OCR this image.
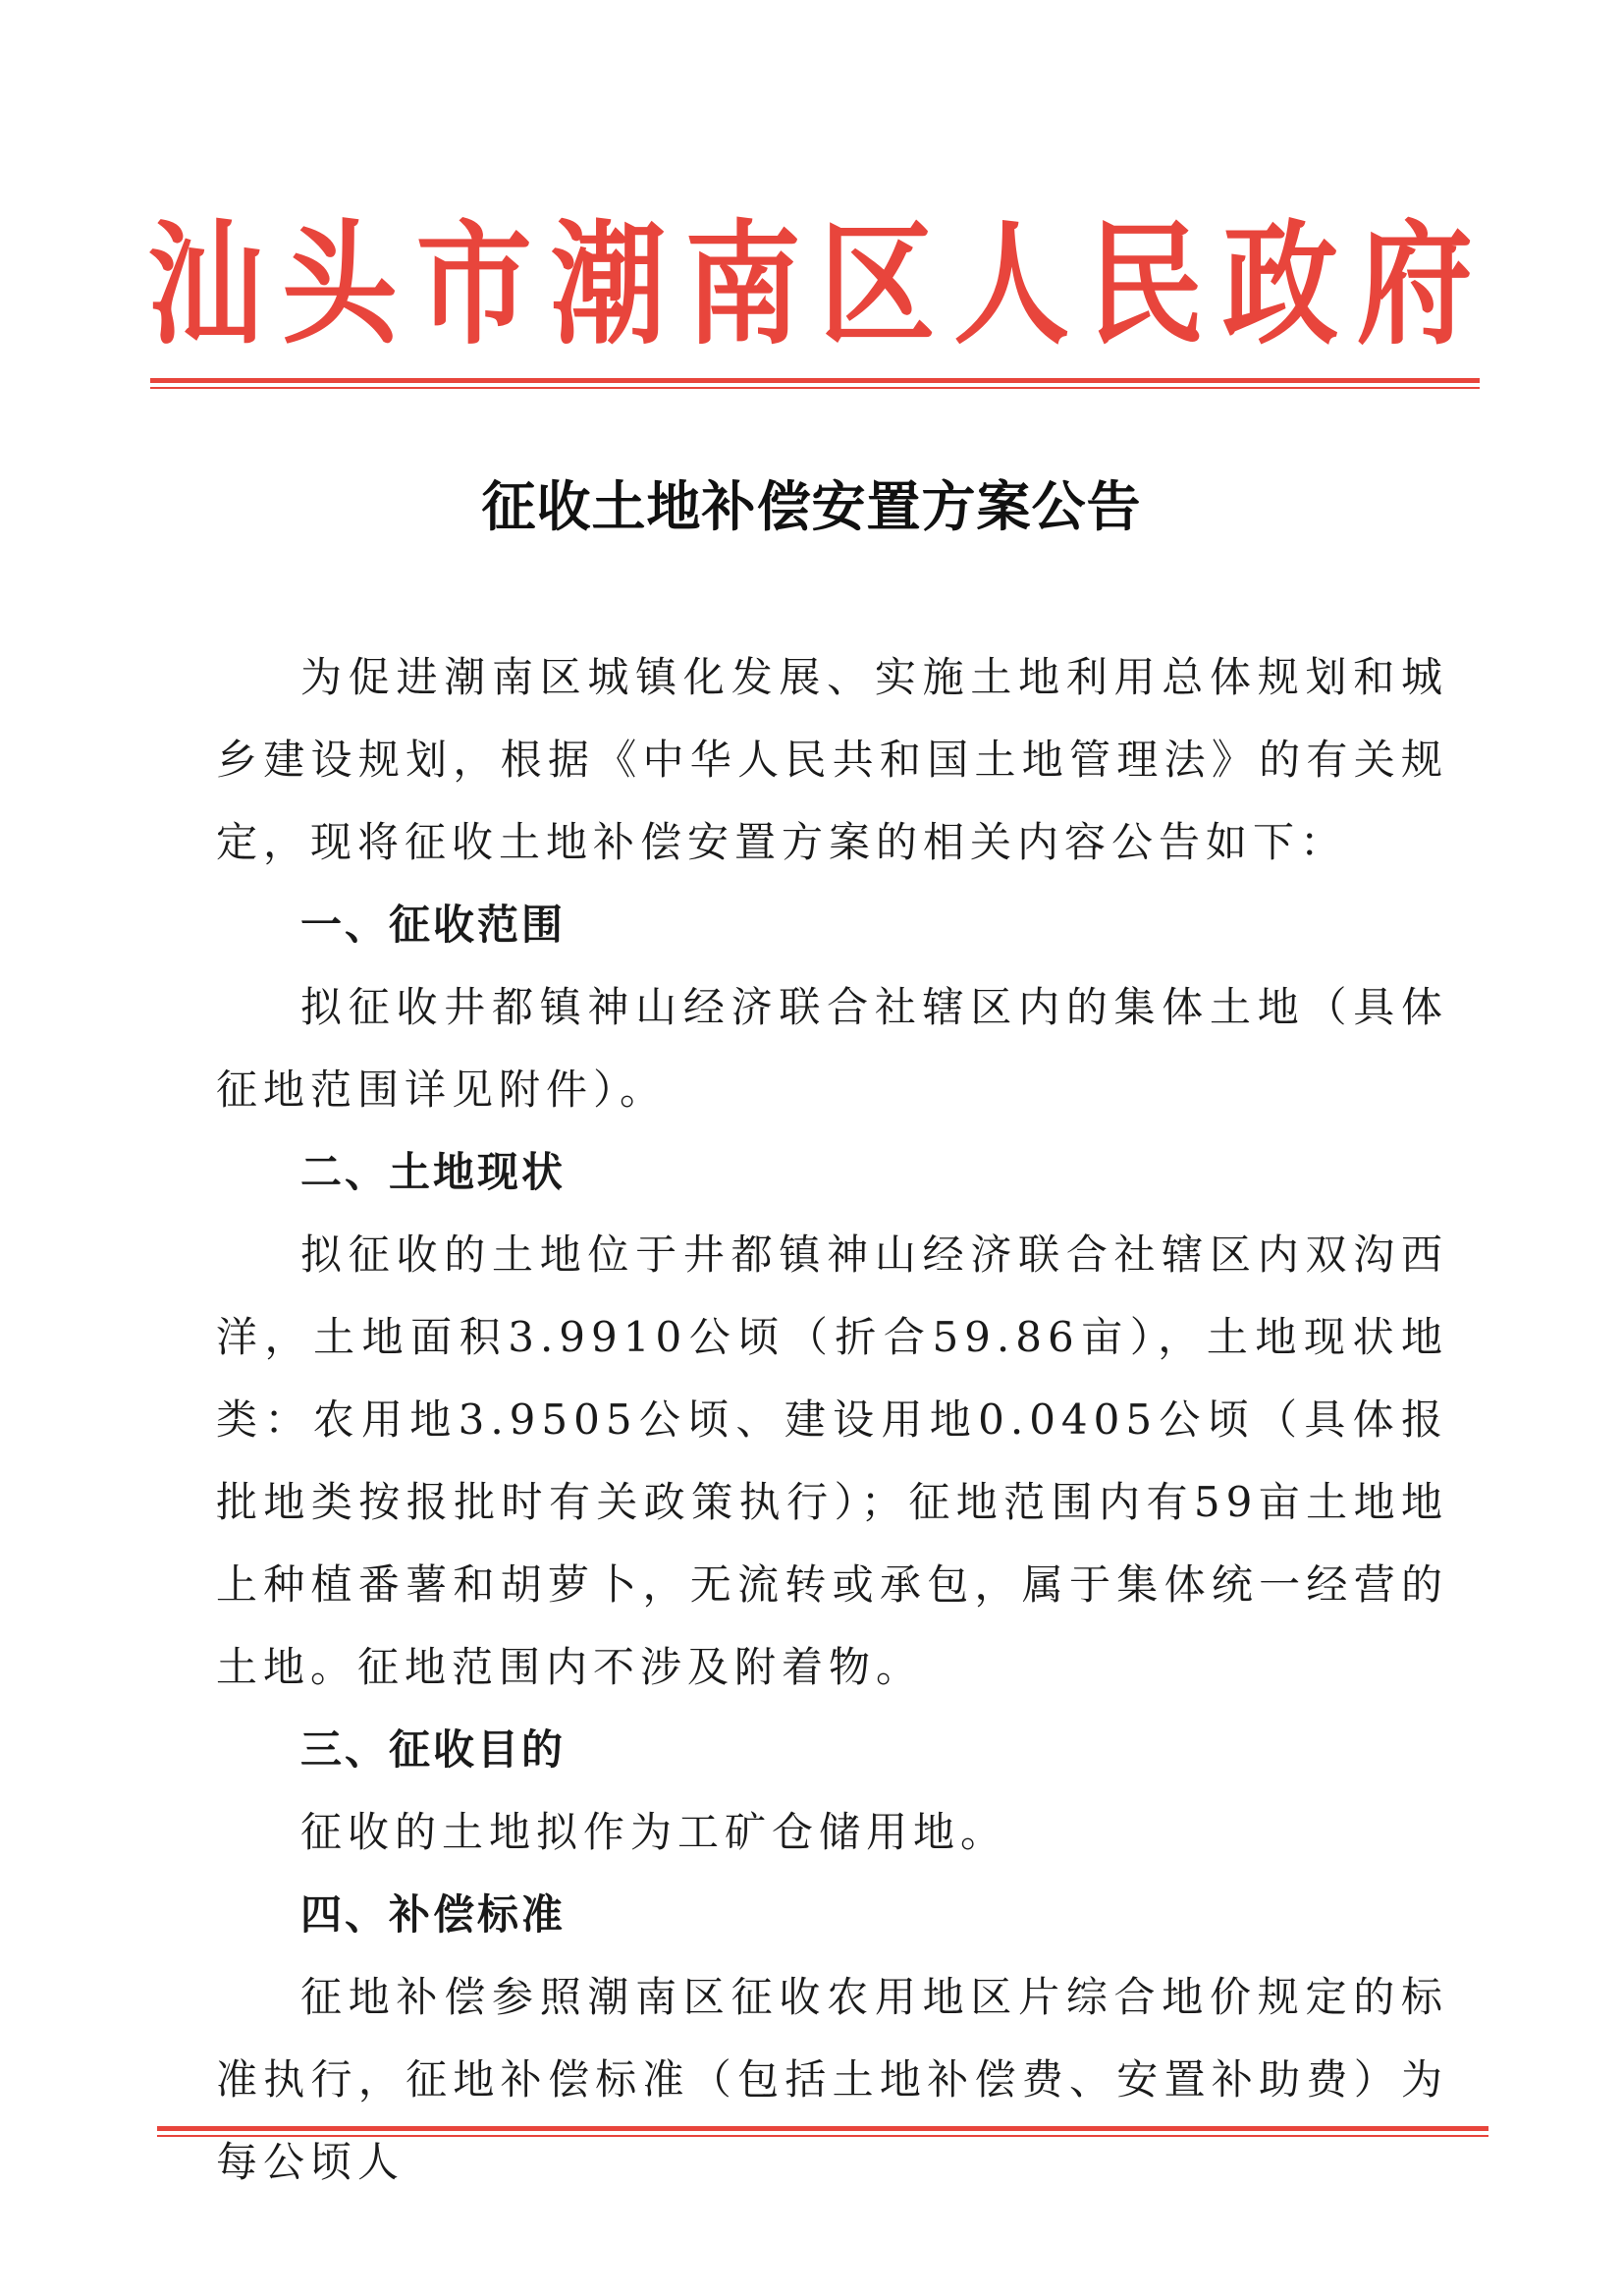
汕 头 市 潮 南 区 人 民 政 府
征收土地补偿安置方案公告

为促进潮南区城镇化发展、实施土地利用总体规划和城乡建设规划，根据《中华人民共和国土地管理法》的有关规定，现将征收土地补偿安置方案的相关内容公告如下：

一、征收范围

拟征收井都镇神山经济联合社辖区内的集体土地（具体征地范围详见附件）。

二、土地现状

拟征收的土地位于井都镇神山经济联合社辖区内双沟西洋，土地面积3.9910公顷（折合59.86亩），土地现状地类：农用地3.9505公顷、建设用地0.0405公顷（具体报批地类按报批时有关政策执行）；征地范围内有59亩土地地上种植番薯和胡萝卜，无流转或承包，属于集体统一经营的土地。征地范围内不涉及附着物。

三、征收目的

征收的土地拟作为工矿仓储用地。

四、补偿标准

征地补偿参照潮南区征收农用地区片综合地价规定的标准执行，征地补偿标准（包括土地补偿费、安置补助费）为每公顷人
